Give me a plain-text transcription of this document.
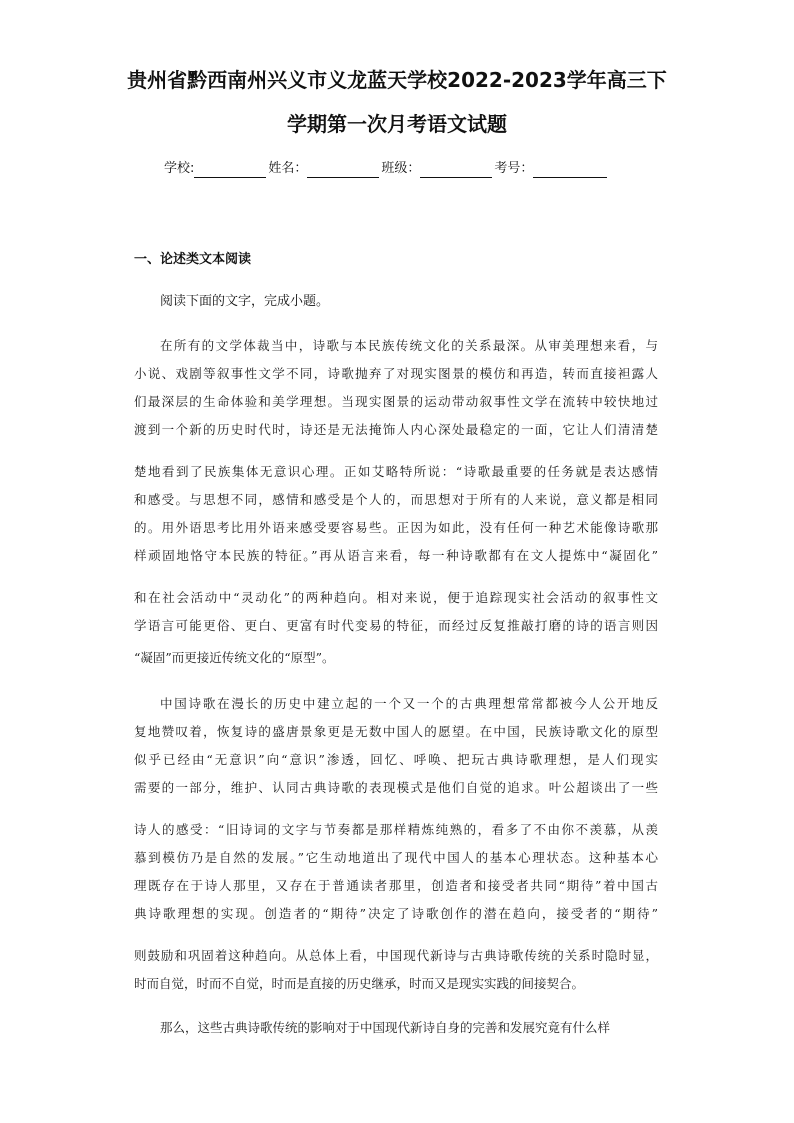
贵州省黔西南州兴义市义龙蓝天学校2022-2023学年高三下
学期第一次月考语文试题
学校:	姓名：	班级：	考号：
一、论述类文本阅读
阅读下面的文字，完成小题。
在所有的文学体裁当中，诗歌与本民族传统文化的关系最深。从审美理想来看，与
小说、戏剧等叙事性文学不同，诗歌抛弃了对现实图景的模仿和再造，转而直接袒露人
们最深层的生命体验和美学理想。当现实图景的运动带动叙事性文学在流转中较快地过
渡到一个新的历史时代时，诗还是无法掩饰人内心深处最稳定的一面，它让人们清清楚
楚地看到了民族集体无意识心理。正如艾略特所说：“诗歌最重要的任务就是表达感情
和感受。与思想不同，感情和感受是个人的，而思想对于所有的人来说，意义都是相同
的。用外语思考比用外语来感受要容易些。正因为如此，没有任何一种艺术能像诗歌那
样顽固地恪守本民族的特征。”再从语言来看，每一种诗歌都有在文人提炼中“凝固化”
和在社会活动中“灵动化”的两种趋向。相对来说，便于追踪现实社会活动的叙事性文
学语言可能更俗、更白、更富有时代变易的特征，而经过反复推敲打磨的诗的语言则因
“凝固”而更接近传统文化的“原型”。
中国诗歌在漫长的历史中建立起的一个又一个的古典理想常常都被今人公开地反
复地赞叹着，恢复诗的盛唐景象更是无数中国人的愿望。在中国，民族诗歌文化的原型
似乎已经由“无意识”向“意识”渗透，回忆、呼唤、把玩古典诗歌理想，是人们现实
需要的一部分，维护、认同古典诗歌的表现模式是他们自觉的追求。叶公超谈出了一些
诗人的感受：“旧诗词的文字与节奏都是那样精炼纯熟的，看多了不由你不羡慕，从羡
慕到模仿乃是自然的发展。”它生动地道出了现代中国人的基本心理状态。这种基本心
理既存在于诗人那里，又存在于普通读者那里，创造者和接受者共同“期待”着中国古
典诗歌理想的实现。创造者的“期待”决定了诗歌创作的潜在趋向，接受者的“期待”
则鼓励和巩固着这种趋向。从总体上看，中国现代新诗与古典诗歌传统的关系时隐时显，
时而自觉，时而不自觉，时而是直接的历史继承，时而又是现实实践的间接契合。
那么，这些古典诗歌传统的影响对于中国现代新诗自身的完善和发展究竟有什么样
